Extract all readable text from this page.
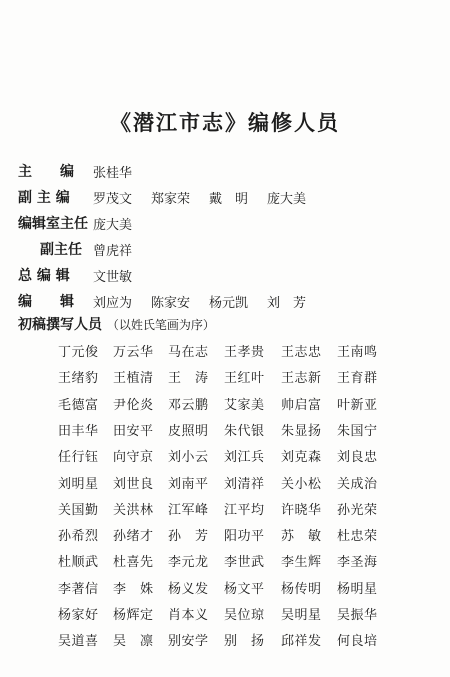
《潜江市志》编修人员
主　　编 张桂华
副 主 编 罗茂文 郑家荣 戴　明 庞大美
编辑室主任 庞大美
副主任 曾虎祥
总 编 辑 文世敏
编　　辑 刘应为 陈家安 杨元凯 刘　芳
初稿撰写人员 （以姓氏笔画为序）
丁元俊 万云华 马在志 王孝贵 王志忠 王南鸣
王绪豹 王植清 王　涛 王红叶 王志新 王育群
毛德富 尹伦炎 邓云鹏 艾家美 帅启富 叶新亚
田丰华 田安平 皮照明 朱代银 朱显扬 朱国宁
任行钰 向守京 刘小云 刘江兵 刘克森 刘良忠
刘明星 刘世良 刘南平 刘清祥 关小松 关成治
关国勤 关洪林 江军峰 江平均 许晓华 孙光荣
孙希烈 孙绪才 孙　芳 阳功平 苏　敏 杜忠荣
杜顺武 杜喜先 李元龙 李世武 李生辉 李圣海
李著信 李　姝 杨义发 杨文平 杨传明 杨明星
杨家好 杨辉定 肖本义 吴位琼 吴明星 吴振华
吴道喜 吴　凛 别安学 别　扬 邱祥发 何良培
